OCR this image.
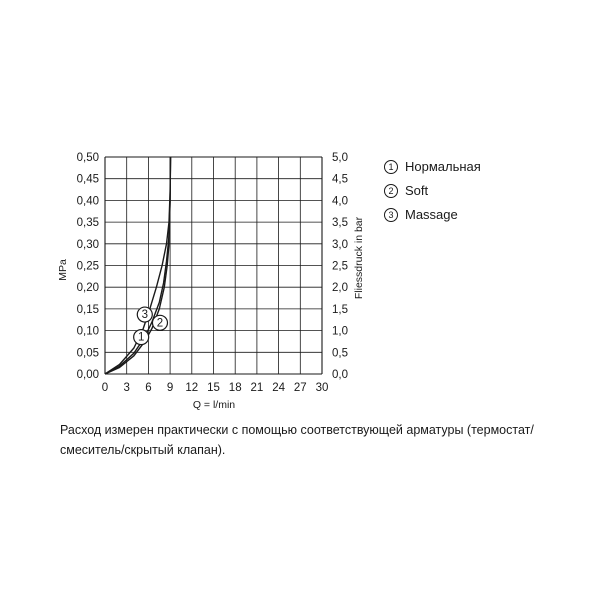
1
2
3
0 3 6 9 12 15 18 21 24 27 30
0,00
0,05
0,10
0,15
0,20
0,25
0,30
0,35
0,40
0,45
0,50
0,0
0,5
1,0
1,5
2,0
2,5
3,0
3,5
4,0
4,5
5,0
Q = l/min
MPa	Fliessdruck in bar
1 Нормальная
2 Soft
3 Massage
Расход измерен практически с помощью соответствующей арматуры (термостат/смеситель/скрытый клапан).
